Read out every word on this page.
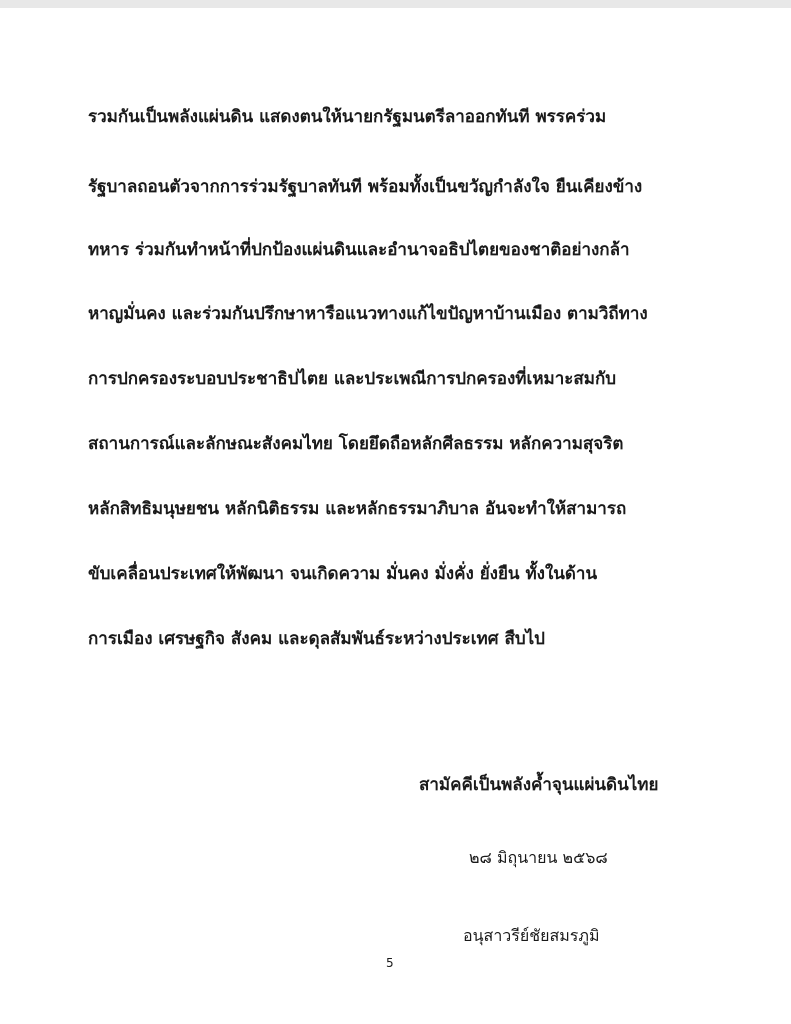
รวมกันเป็นพลังแผ่นดิน แสดงตนให้นายกรัฐมนตรีลาออกทันที พรรคร่วม
รัฐบาลถอนตัวจากการร่วมรัฐบาลทันที พร้อมทั้งเป็นขวัญกำลังใจ ยืนเคียงข้าง
ทหาร ร่วมกันทำหน้าที่ปกป้องแผ่นดินและอำนาจอธิปไตยของชาติอย่างกล้า
หาญมั่นคง และร่วมกันปรึกษาหารือแนวทางแก้ไขปัญหาบ้านเมือง ตามวิถีทาง
การปกครองระบอบประชาธิปไตย และประเพณีการปกครองที่เหมาะสมกับ
สถานการณ์และลักษณะสังคมไทย โดยยึดถือหลักศีลธรรม หลักความสุจริต
หลักสิทธิมนุษยชน หลักนิติธรรม และหลักธรรมาภิบาล อันจะทำให้สามารถ
ขับเคลื่อนประเทศให้พัฒนา จนเกิดความ มั่นคง มั่งคั่ง ยั่งยืน ทั้งในด้าน
การเมือง เศรษฐกิจ สังคม และดุลสัมพันธ์ระหว่างประเทศ สืบไป
สามัคคีเป็นพลังค้ำจุนแผ่นดินไทย
๒๘ มิถุนายน ๒๕๖๘
อนุสาวรีย์ชัยสมรภูมิ
5
